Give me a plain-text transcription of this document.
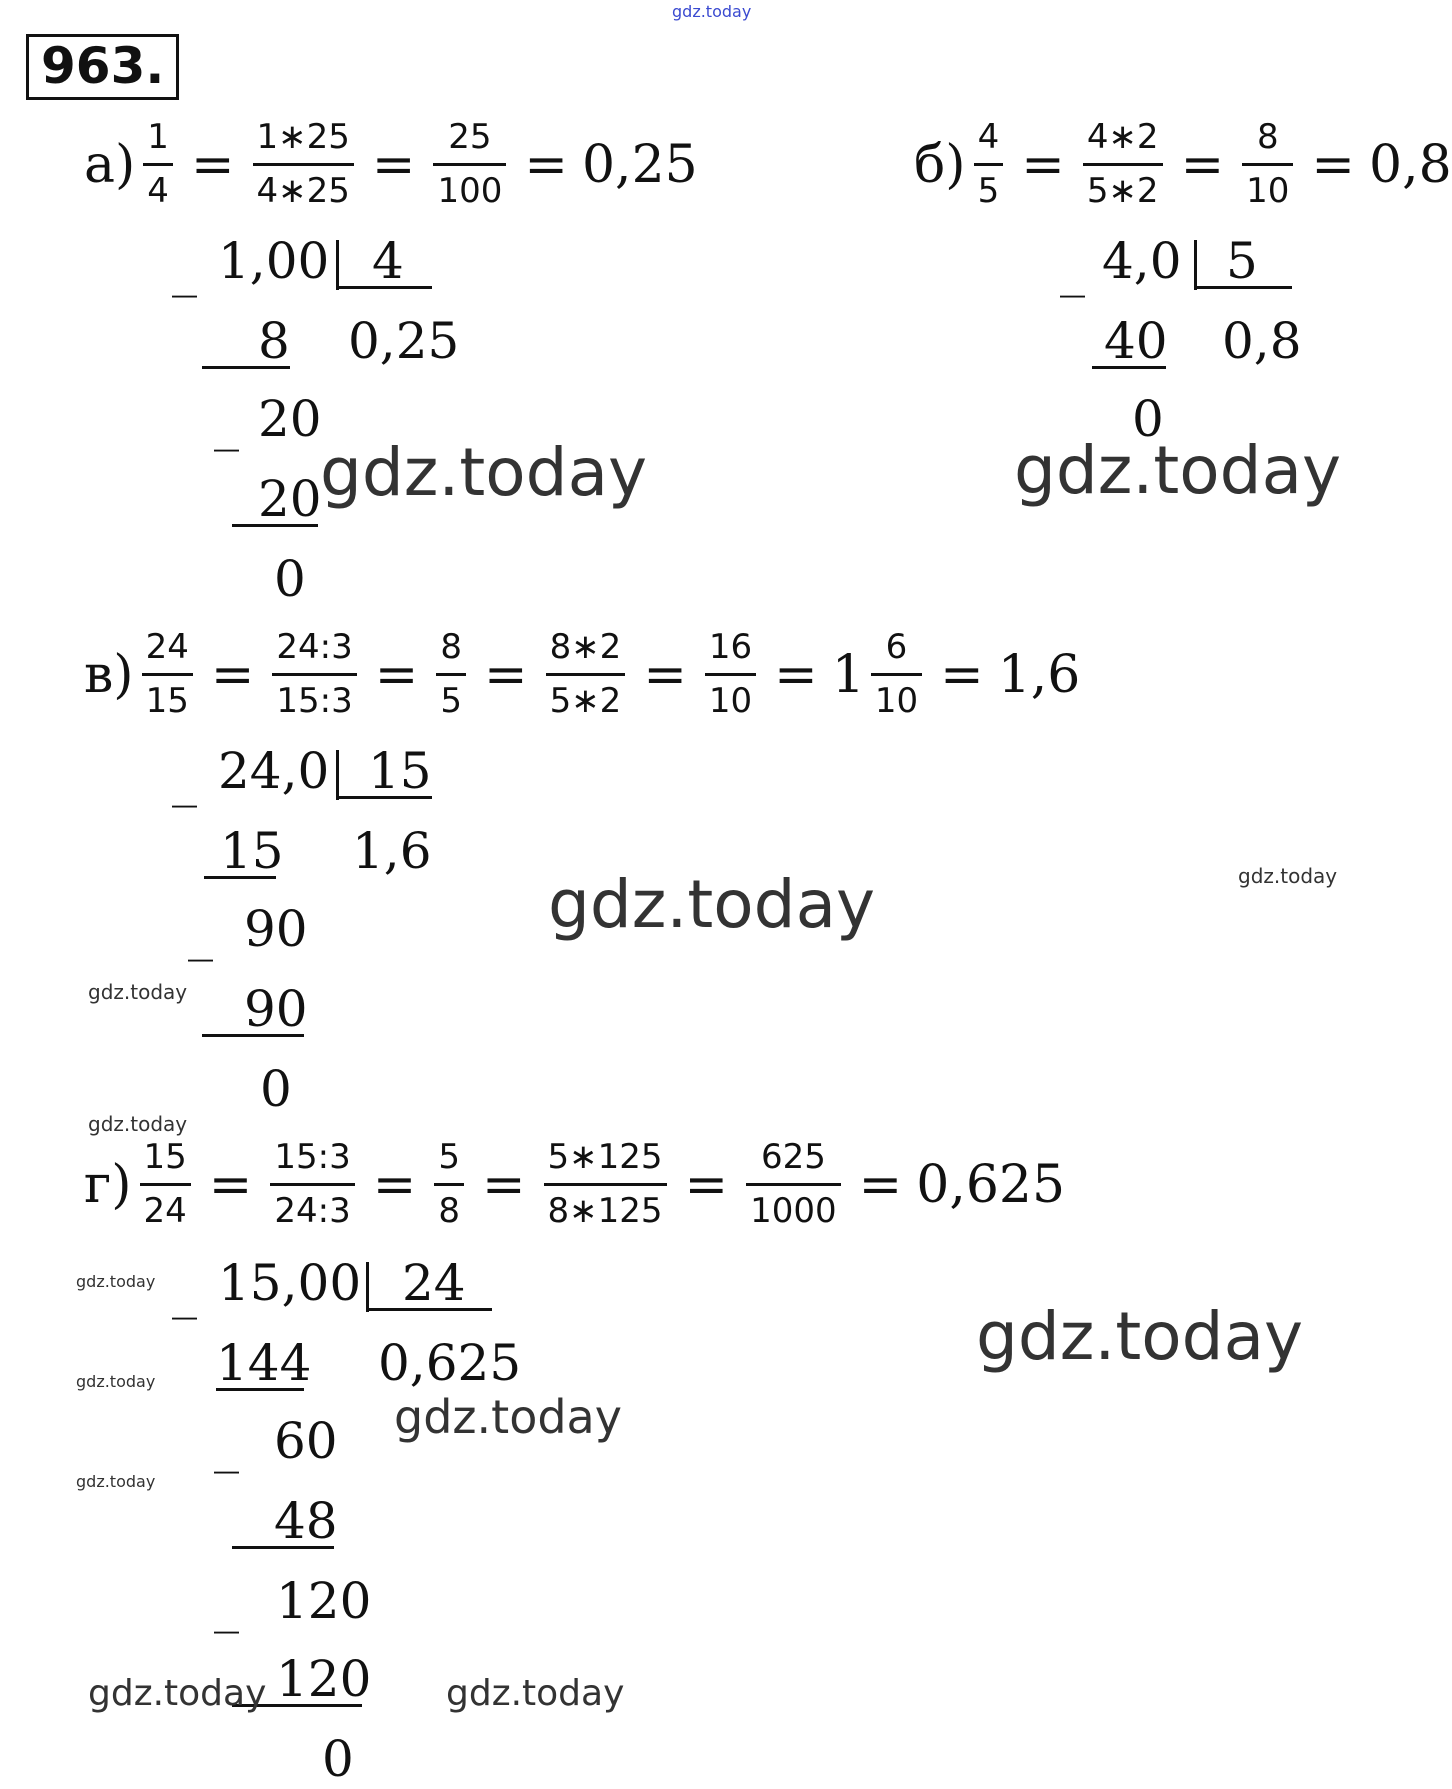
gdz.today
963.
$а) \frac{1}{4} = \frac{1∗25}{4∗25} = \frac{25}{100} = 0,25$
_ 1,00 4
0,25
8
_ 20
20
0
gdz.today
$б) \frac{4}{5} = \frac{4∗2}{5∗2} = \frac{8}{10} = 0,8$
_ 4,0 5
0,8
40
0
gdz.today
$в) \frac{24}{15} = \frac{24:3}{15:3} = \frac{8}{5} = \frac{8∗2}{5∗2} = \frac{16}{10} = 1 \frac{6}{10} = 1,6$
_ 24,0 15
1,6
15
_ 90
90
0
gdz.today	gdz.today
gdz.today
gdz.today
$г) \frac{15}{24} = \frac{15:3}{24:3} = \frac{5}{8} = \frac{5∗125}{8∗125} = \frac{625}{1000} = 0,625$
_ 15,00 24
0,625
144
_ 60
48
_ 120
120
0
gdz.today
gdz.today
gdz.today
gdz.today
gdz.today
gdz.today	gdz.today
